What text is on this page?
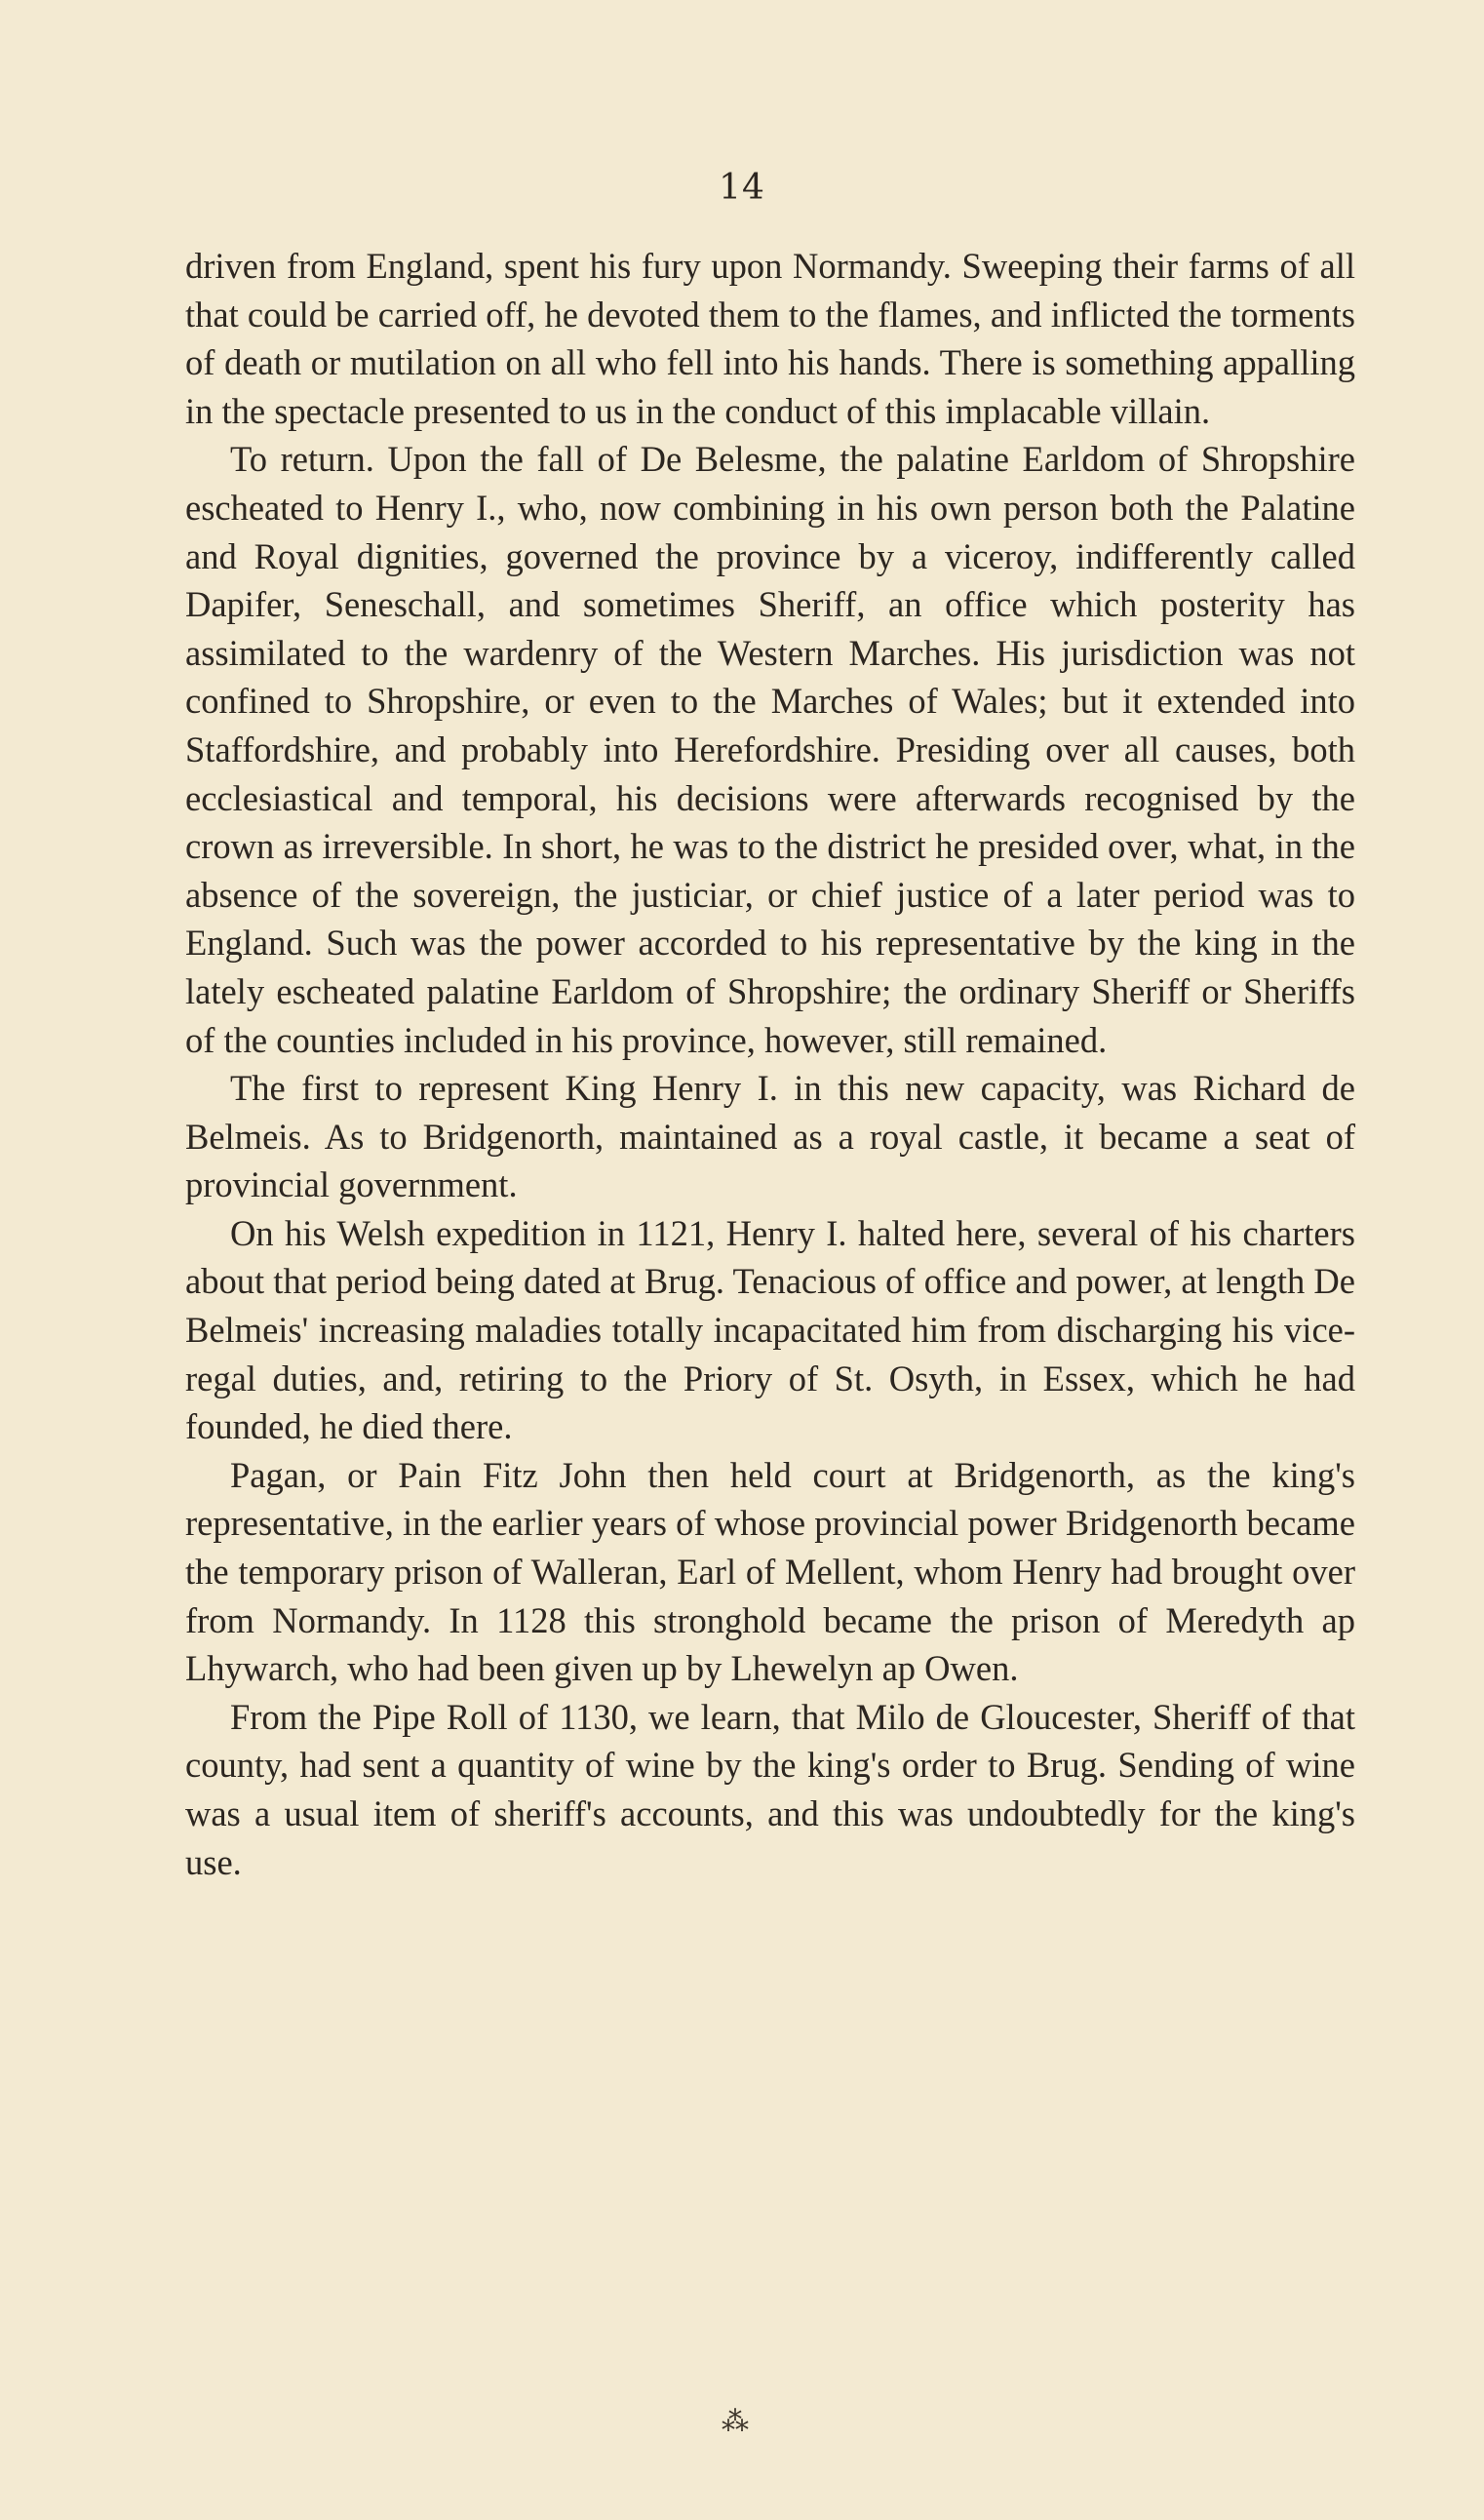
14

driven from England, spent his fury upon Normandy. Sweeping their farms of all that could be carried off, he devoted them to the flames, and inflicted the torments of death or mutilation on all who fell into his hands. There is something appalling in the spectacle presented to us in the conduct of this implacable villain.

To return. Upon the fall of De Belesme, the palatine Earldom of Shropshire escheated to Henry I., who, now combining in his own person both the Palatine and Royal dignities, governed the province by a viceroy, indifferently called Dapifer, Seneschall, and sometimes Sheriff, an office which posterity has assimilated to the wardenry of the Western Marches. His jurisdiction was not confined to Shropshire, or even to the Marches of Wales; but it extended into Staffordshire, and probably into Herefordshire. Presiding over all causes, both ecclesiastical and temporal, his decisions were afterwards recognised by the crown as irreversible. In short, he was to the district he presided over, what, in the absence of the sovereign, the justiciar, or chief justice of a later period was to England. Such was the power accorded to his representative by the king in the lately escheated palatine Earldom of Shropshire; the ordinary Sheriff or Sheriffs of the counties included in his province, however, still remained.

The first to represent King Henry I. in this new capacity, was Richard de Belmeis. As to Bridgenorth, maintained as a royal castle, it became a seat of provincial government.

On his Welsh expedition in 1121, Henry I. halted here, several of his charters about that period being dated at Brug. Tenacious of office and power, at length De Belmeis' increasing maladies totally incapacitated him from discharging his vice-regal duties, and, retiring to the Priory of St. Osyth, in Essex, which he had founded, he died there.

Pagan, or Pain Fitz John then held court at Bridgenorth, as the king's representative, in the earlier years of whose provincial power Bridgenorth became the temporary prison of Walleran, Earl of Mellent, whom Henry had brought over from Normandy. In 1128 this stronghold became the prison of Meredyth ap Lhywarch, who had been given up by Lhewelyn ap Owen.

From the Pipe Roll of 1130, we learn, that Milo de Gloucester, Sheriff of that county, had sent a quantity of wine by the king's order to Brug. Sending of wine was a usual item of sheriff's accounts, and this was undoubtedly for the king's use.

⁂
